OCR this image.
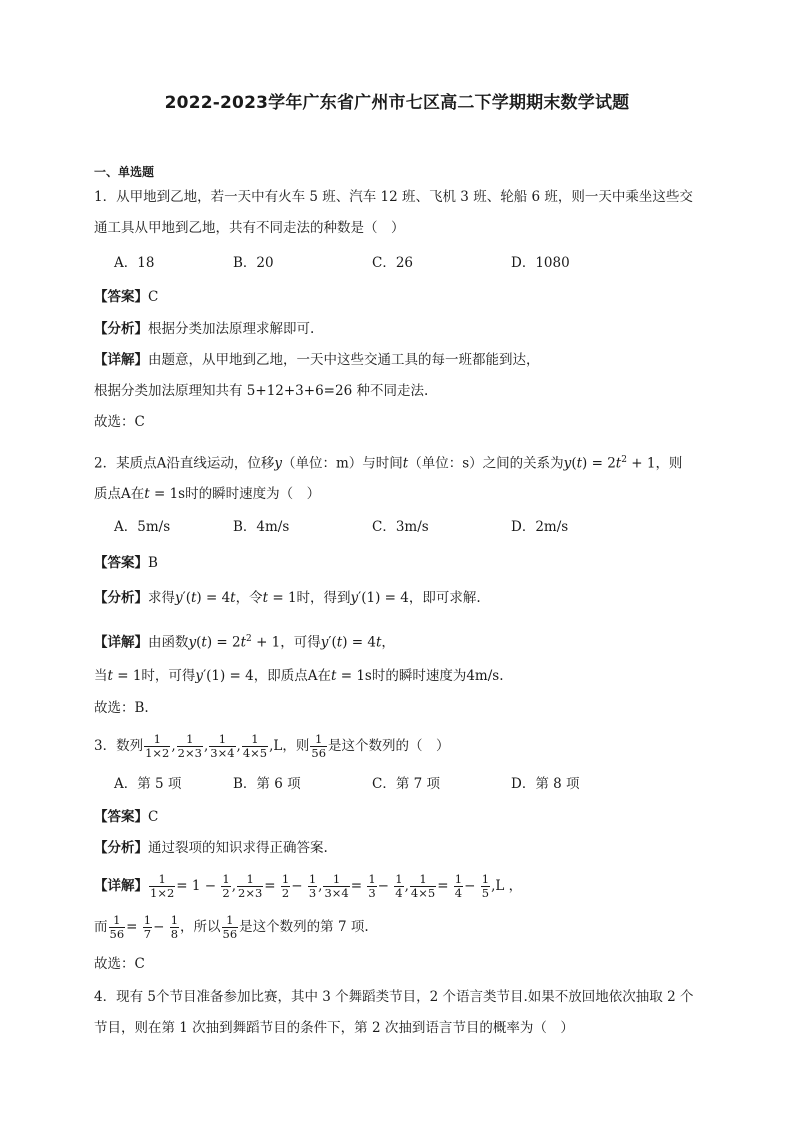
2022-2023学年广东省广州市七区高二下学期期末数学试题
一、单选题
1．从甲地到乙地，若一天中有火车 5 班、汽车 12 班、飞机 3 班、轮船 6 班，则一天中乘坐这些交
通工具从甲地到乙地，共有不同走法的种数是（　）
A．18	B．20	C．26	D．1080
【答案】C
【分析】根据分类加法原理求解即可.
【详解】由题意，从甲地到乙地，一天中这些交通工具的每一班都能到达，
根据分类加法原理知共有 5+12+3+6=26 种不同走法.
故选：C
2．某质点A沿直线运动，位移y（单位：m）与时间t（单位：s）之间的关系为$y(t) = 2t^2 + 1$，则
质点A在t = 1s时的瞬时速度为（　）
A．5m/s	B．4m/s	C．3m/s	D．2m/s
【答案】B
【分析】求得y′(t) = 4t，令t = 1时，得到y′(1) = 4，即可求解.
【详解】由函数$y(t) = 2t^2 + 1$，可得y′(t) = 4t，
当t = 1时，可得y′(1) = 4，即质点A在t = 1s时的瞬时速度为4m/s.
故选：B.
3．数列 $\frac{1}{1\times 2}$ , $\frac{1}{2\times 3}$ , $\frac{1}{3\times 4}$ , $\frac{1}{4\times 5} ,L$，则 $\frac{1}{56}$ 是这个数列的（　）
A．第 5 项	B．第 6 项	C．第 7 项	D．第 8 项
【答案】C
【分析】通过裂项的知识求得正确答案.
【详解】 $\frac{1}{1\times 2} = 1 - \frac{1}{2}$ , $\frac{1}{2\times 3} = \frac{1}{2} - \frac{1}{3}$ , $\frac{1}{3\times 4} = \frac{1}{3} - \frac{1}{4}$ , $\frac{1}{4\times 5} = \frac{1}{4} - \frac{1}{5} ,L$ ，
而 $\frac{1}{56} = \frac{1}{7} - \frac{1}{8}$ ，所以 $\frac{1}{56}$ 是这个数列的第 7 项.
故选：C
4．现有 5个节目准备参加比赛，其中 3 个舞蹈类节目，2 个语言类节目.如果不放回地依次抽取 2 个
节目，则在第 1 次抽到舞蹈节目的条件下，第 2 次抽到语言节目的概率为（　）
